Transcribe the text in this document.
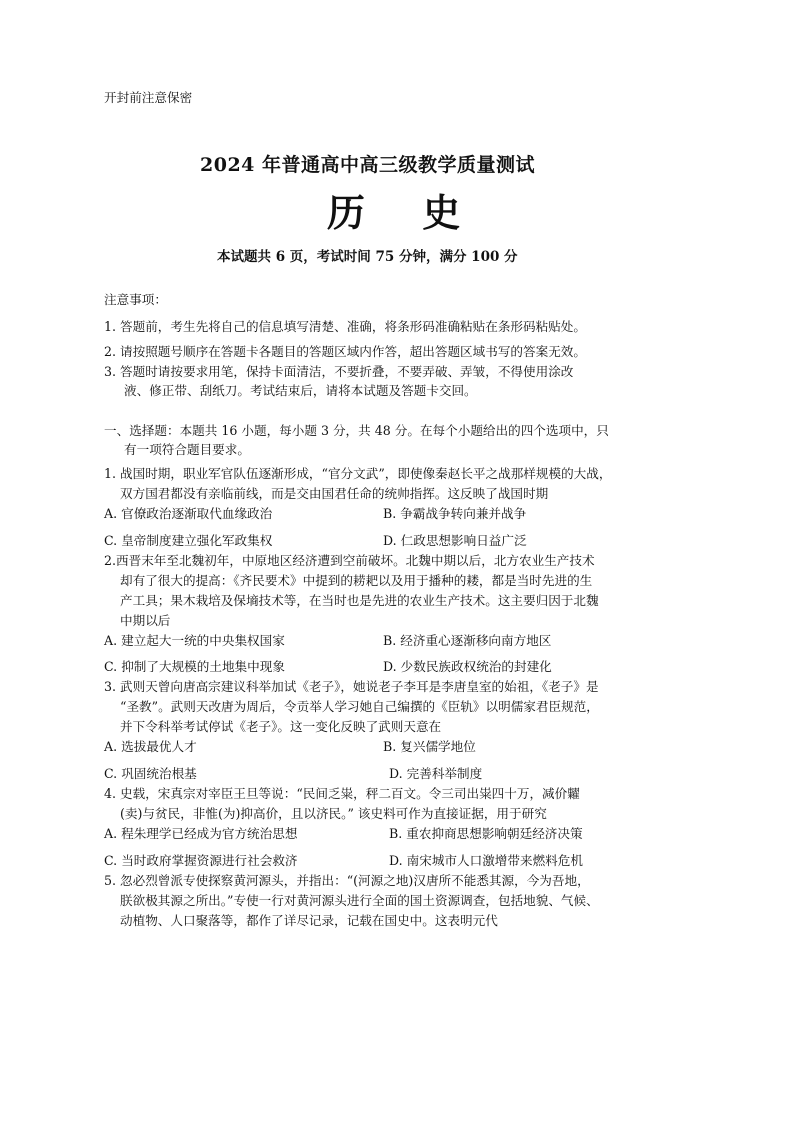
开封前注意保密
2024 年普通高中高三级教学质量测试
历 史
本试题共 6 页，考试时间 75 分钟，满分 100 分
注意事项：
1. 答题前，考生先将自己的信息填写清楚、准确，将条形码准确粘贴在条形码粘贴处。
2. 请按照题号顺序在答题卡各题目的答题区域内作答，超出答题区域书写的答案无效。
3. 答题时请按要求用笔，保持卡面清洁，不要折叠，不要弄破、弄皱，不得使用涂改
液、修正带、刮纸刀。考试结束后，请将本试题及答题卡交回。
一、选择题：本题共 16 小题，每小题 3 分，共 48 分。在每个小题给出的四个选项中，只
有一项符合题目要求。
1. 战国时期，职业军官队伍逐渐形成，“官分文武”，即使像秦赵长平之战那样规模的大战，
双方国君都没有亲临前线，而是交由国君任命的统帅指挥。这反映了战国时期
A. 官僚政治逐渐取代血缘政治	B. 争霸战争转向兼并战争
C. 皇帝制度建立强化军政集权	D. 仁政思想影响日益广泛
2.西晋末年至北魏初年，中原地区经济遭到空前破坏。北魏中期以后，北方农业生产技术
却有了很大的提高：《齐民要术》中提到的耢耙以及用于播种的耧，都是当时先进的生
产工具；果木栽培及保墒技术等，在当时也是先进的农业生产技术。这主要归因于北魏
中期以后
A. 建立起大一统的中央集权国家	B. 经济重心逐渐移向南方地区
C. 抑制了大规模的土地集中现象	D. 少数民族政权统治的封建化
3. 武则天曾向唐高宗建议科举加试《老子》，她说老子李耳是李唐皇室的始祖，《老子》是
“圣教”。武则天改唐为周后，令贡举人学习她自己编撰的《臣轨》以明儒家君臣规范，
并下令科举考试停试《老子》。这一变化反映了武则天意在
A. 选拔最优人才	B. 复兴儒学地位
C. 巩固统治根基	D. 完善科举制度
4. 史载，宋真宗对宰臣王旦等说：“民间乏粜，秤二百文。令三司出粜四十万，减价糶
(卖)与贫民，非惟(为)抑高价，且以济民。” 该史料可作为直接证据，用于研究
A. 程朱理学已经成为官方统治思想	B. 重农抑商思想影响朝廷经济决策
C. 当时政府掌握资源进行社会救济	D. 南宋城市人口激增带来燃料危机
5. 忽必烈曾派专使探察黄河源头，并指出：“(河源之地)汉唐所不能悉其源，今为吾地，
朕欲极其源之所出。”专使一行对黄河源头进行全面的国土资源调查，包括地貌、气候、
动植物、人口聚落等，都作了详尽记录，记载在国史中。这表明元代
